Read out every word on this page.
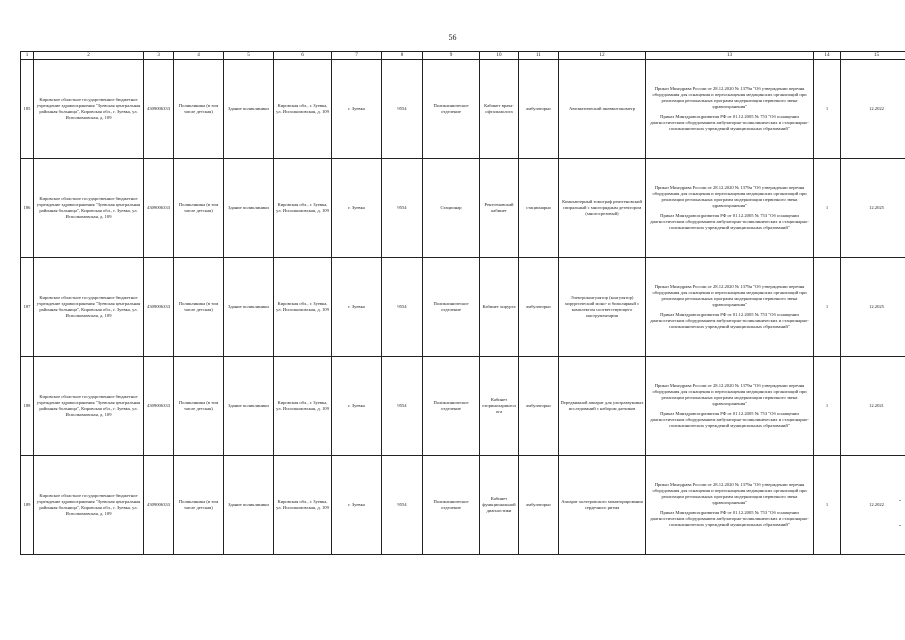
56
1	2	3	4	5	6	7	8	9	10	11	12	13	14	15
185	Кировское областное государственное бюджетное учреждение здравоохранения "Зуевская центральная районная больница", Кировская обл., г. Зуевка, ул. Исполкомовская, д. 109	4309006333	Поликлиника (в том числе детская)	Здание поликлиники	Кировская обл., г. Зуевка, ул. Исполкомовская, д. 109	г. Зуевка	9554	Поликлиническое отделение	Кабинет врача-офтальмолога	амбулаторно	Автоматический пневмотонометр	Приказ Минздрава России от 28.12.2020 № 1379н "Об утверждении перечня оборудования для оснащения и переоснащения медицинских организаций при реализации региональных программ модернизации первичного звена здравоохранения"

Приказ Минздравсоцразвития РФ от 01.12.2005 № 753 "Об оснащении диагностическим оборудованием амбулаторно-поликлинических и стационарно-поликлинических учреждений муниципальных образований"	1	12.2022
186	Кировское областное государственное бюджетное учреждение здравоохранения "Зуевская центральная районная больница", Кировская обл., г. Зуевка, ул. Исполкомовская, д. 109	4309006333	Поликлиника (в том числе детская)	Здание поликлиники	Кировская обл., г. Зуевка, ул. Исполкомовская, д. 109	г. Зуевка	9554	Стационар	Рентгеновский кабинет	стационарно	Компьютерный томограф рентгеновский спиральный с многорядным детектором (многосрезовый)	Приказ Минздрава России от 28.12.2020 № 1379н "Об утверждении перечня оборудования для оснащения и переоснащения медицинских организаций при реализации региональных программ модернизации первичного звена здравоохранения"

Приказ Минздравсоцразвития РФ от 01.12.2005 № 753 "Об оснащении диагностическим оборудованием амбулаторно-поликлинических и стационарно-поликлинических учреждений муниципальных образований"	1	12.2025
187	Кировское областное государственное бюджетное учреждение здравоохранения "Зуевская центральная районная больница", Кировская обл., г. Зуевка, ул. Исполкомовская, д. 109	4309006333	Поликлиника (в том числе детская)	Здание поликлиники	Кировская обл., г. Зуевка, ул. Исполкомовская, д. 109	г. Зуевка	9554	Поликлиническое отделение	Кабинет хирурга	амбулаторно	Электрокоагулятор (коагулятор) хирургический моно- и биполярный с комплектом соответствующего инструментария	Приказ Минздрава России от 28.12.2020 № 1379н "Об утверждении перечня оборудования для оснащения и переоснащения медицинских организаций при реализации региональных программ модернизации первичного звена здравоохранения"

Приказ Минздравсоцразвития РФ от 01.12.2005 № 753 "Об оснащении диагностическим оборудованием амбулаторно-поликлинических и стационарно-поликлинических учреждений муниципальных образований"	1	12.2025
188	Кировское областное государственное бюджетное учреждение здравоохранения "Зуевская центральная районная больница", Кировская обл., г. Зуевка, ул. Исполкомовская, д. 109	4309006333	Поликлиника (в том числе детская)	Здание поликлиники	Кировская обл., г. Зуевка, ул. Исполкомовская, д. 109	г. Зуевка	9554	Поликлиническое отделение	Кабинет оториноларинголога	амбулаторно	Передвижной аппарат для ультразвуковых исследований с набором датчиков	Приказ Минздрава России от 28.12.2020 № 1379н "Об утверждении перечня оборудования для оснащения и переоснащения медицинских организаций при реализации региональных программ модернизации первичного звена здравоохранения"

Приказ Минздравсоцразвития РФ от 01.12.2005 № 753 "Об оснащении диагностическим оборудованием амбулаторно-поликлинических и стационарно-поликлинических учреждений муниципальных образований"	1	12.2021
189	Кировское областное государственное бюджетное учреждение здравоохранения "Зуевская центральная районная больница", Кировская обл., г. Зуевка, ул. Исполкомовская, д. 109	4309006333	Поликлиника (в том числе детская)	Здание поликлиники	Кировская обл., г. Зуевка, ул. Исполкомовская, д. 109	г. Зуевка	9554	Поликлиническое отделение	Кабинет функциональной диагностики	амбулаторно	Аппарат холтеровского мониторирования сердечного ритма	Приказ Минздрава России от 28.12.2020 № 1379н "Об утверждении перечня оборудования для оснащения и переоснащения медицинских организаций при реализации региональных программ модернизации первичного звена здравоохранения"

Приказ Минздравсоцразвития РФ от 01.12.2005 № 753 "Об оснащении диагностическим оборудованием амбулаторно-поликлинических и стационарно-поликлинических учреждений муниципальных образований"	1	12.2022
